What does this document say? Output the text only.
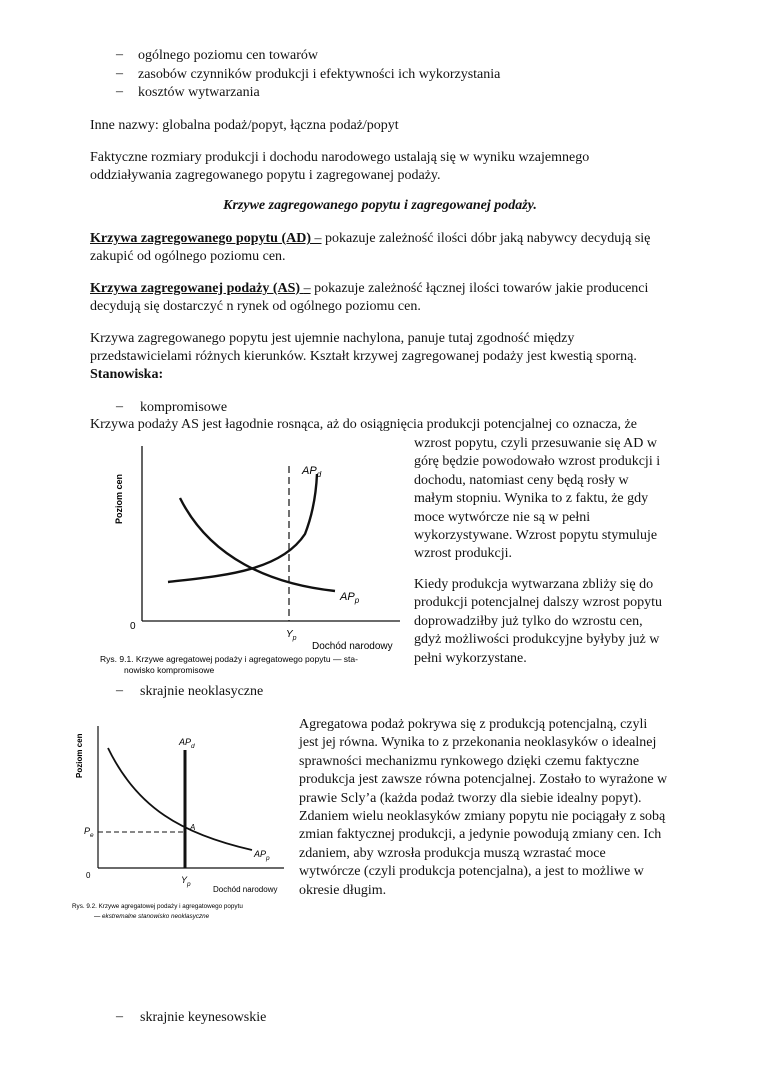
– ogólnego poziomu cen towarów
– zasobów czynników produkcji i efektywności ich wykorzystania
– kosztów wytwarzania
Inne nazwy: globalna podaż/popyt, łączna podaż/popyt
Faktyczne rozmiary produkcji i dochodu narodowego ustalają się w wyniku wzajemnego
oddziaływania zagregowanego popytu i zagregowanej podaży.
Krzywe zagregowanego popytu i zagregowanej podaży.
Krzywa zagregowanego popytu (AD) – pokazuje zależność ilości dóbr jaką nabywcy decydują się
zakupić od ogólnego poziomu cen.
Krzywa zagregowanej podaży (AS) – pokazuje zależność łącznej ilości towarów jakie producenci
decydują się dostarczyć n rynek od ogólnego poziomu cen.
Krzywa zagregowanego popytu jest ujemnie nachylona, panuje tutaj zgodność między
przedstawicielami różnych kierunków. Kształt krzywej zagregowanej podaży jest kwestią sporną.
Stanowiska:
– kompromisowe
Krzywa podaży AS jest łagodnie rosnąca, aż do osiągnięcia produkcji potencjalnej co oznacza, że
wzrost popytu, czyli przesuwanie się AD w
górę będzie powodowało wzrost produkcji i
dochodu, natomiast ceny będą rosły w
małym stopniu. Wynika to z faktu, że gdy
moce wytwórcze nie są w pełni
wykorzystywane. Wzrost popytu stymuluje
wzrost produkcji.
Kiedy produkcja wytwarzana zbliży się do
produkcji potencjalnej dalszy wzrost popytu
doprowadziłby już tylko do wzrostu cen,
gdyż możliwości produkcyjne byłyby już w
pełni wykorzystane.
Poziom cen
$AP_d$
$AP_p$
0
$Y_p$
Dochód narodowy
Rys. 9.1. Krzywe agregatowej podaży i agregatowego popytu — sta-
nowisko kompromisowe
– skrajnie neoklasyczne
Agregatowa podaż pokrywa się z produkcją potencjalną, czyli
jest jej równa. Wynika to z przekonania neoklasyków o idealnej
sprawności mechanizmu rynkowego dzięki czemu faktyczne
produkcja jest zawsze równa potencjalnej. Zostało to wyrażone w
prawie Scly’a (każda podaż tworzy dla siebie idealny popyt).
Zdaniem wielu neoklasyków zmiany popytu nie pociągały z sobą
zmian faktycznej produkcji, a jedynie powodują zmiany cen. Ich
zdaniem, aby wzrosła produkcja muszą wzrastać moce
wytwórcze (czyli produkcja potencjalna), a jest to możliwe w
okresie długim.
Poziom cen	$AP_d$
$AP_p$
$P_e$
A
0	$Y_p$
Dochód narodowy
Rys. 9.2. Krzywe agregatowej podaży i agregatowego popytu
— ekstremalne stanowisko neoklasyczne
– skrajnie keynesowskie
